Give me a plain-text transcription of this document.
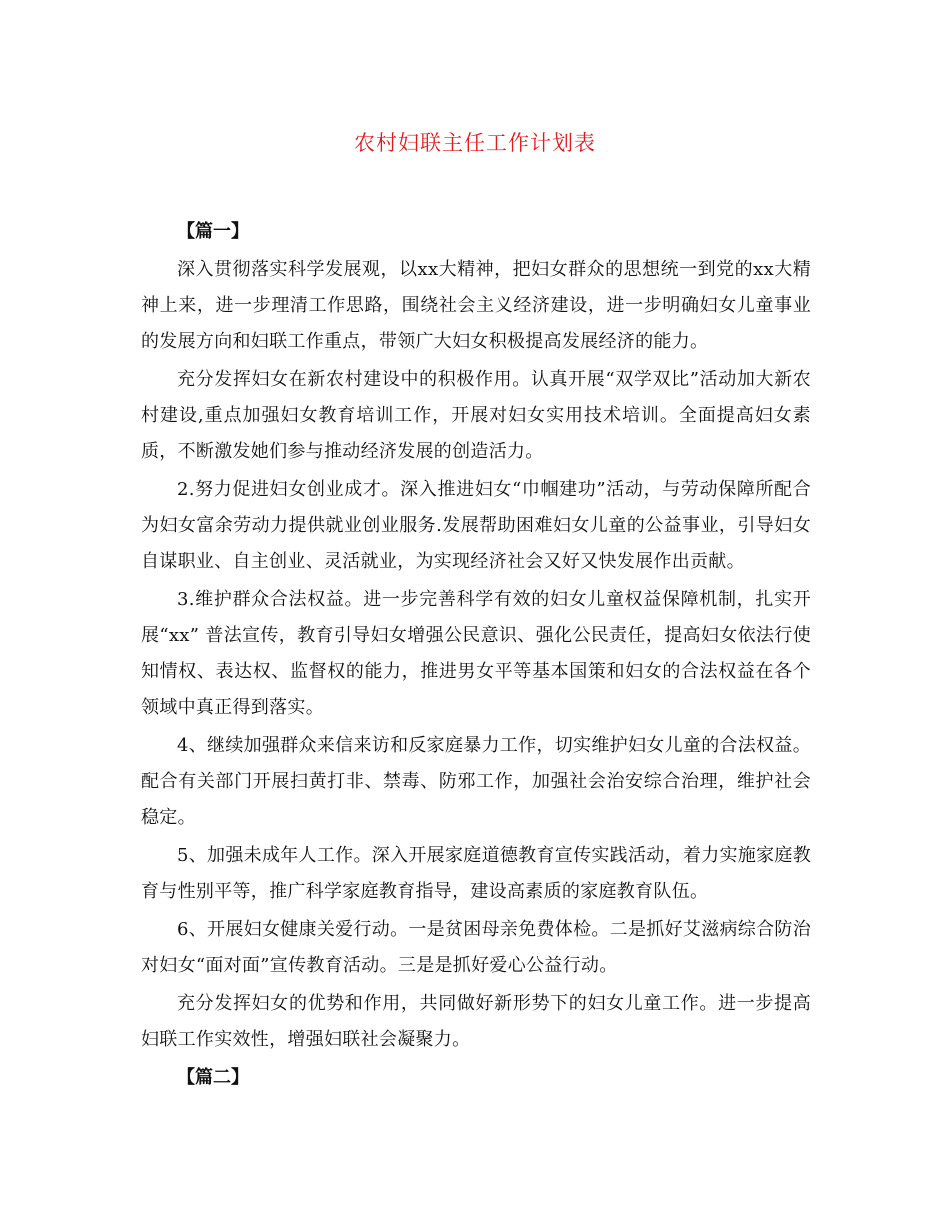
农村妇联主任工作计划表
【篇一】

深入贯彻落实科学发展观，以xx大精神，把妇女群众的思想统一到党的xx大精神上来，进一步理清工作思路，围绕社会主义经济建设，进一步明确妇女儿童事业的发展方向和妇联工作重点，带领广大妇女积极提高发展经济的能力。

充分发挥妇女在新农村建设中的积极作用。认真开展“双学双比”活动加大新农村建设,重点加强妇女教育培训工作，开展对妇女实用技术培训。全面提高妇女素质，不断激发她们参与推动经济发展的创造活力。

2.努力促进妇女创业成才。深入推进妇女“巾帼建功”活动，与劳动保障所配合为妇女富余劳动力提供就业创业服务.发展帮助困难妇女儿童的公益事业，引导妇女自谋职业、自主创业、灵活就业，为实现经济社会又好又快发展作出贡献。

3.维护群众合法权益。进一步完善科学有效的妇女儿童权益保障机制，扎实开展“xx” 普法宣传，教育引导妇女增强公民意识、强化公民责任，提高妇女依法行使知情权、表达权、监督权的能力，推进男女平等基本国策和妇女的合法权益在各个领域中真正得到落实。

4、继续加强群众来信来访和反家庭暴力工作，切实维护妇女儿童的合法权益。配合有关部门开展扫黄打非、禁毒、防邪工作，加强社会治安综合治理，维护社会稳定。

5、加强未成年人工作。深入开展家庭道德教育宣传实践活动，着力实施家庭教育与性别平等，推广科学家庭教育指导，建设高素质的家庭教育队伍。

6、开展妇女健康关爱行动。一是贫困母亲免费体检。二是抓好艾滋病综合防治对妇女“面对面”宣传教育活动。三是是抓好爱心公益行动。

充分发挥妇女的优势和作用，共同做好新形势下的妇女儿童工作。进一步提高妇联工作实效性，增强妇联社会凝聚力。

【篇二】
